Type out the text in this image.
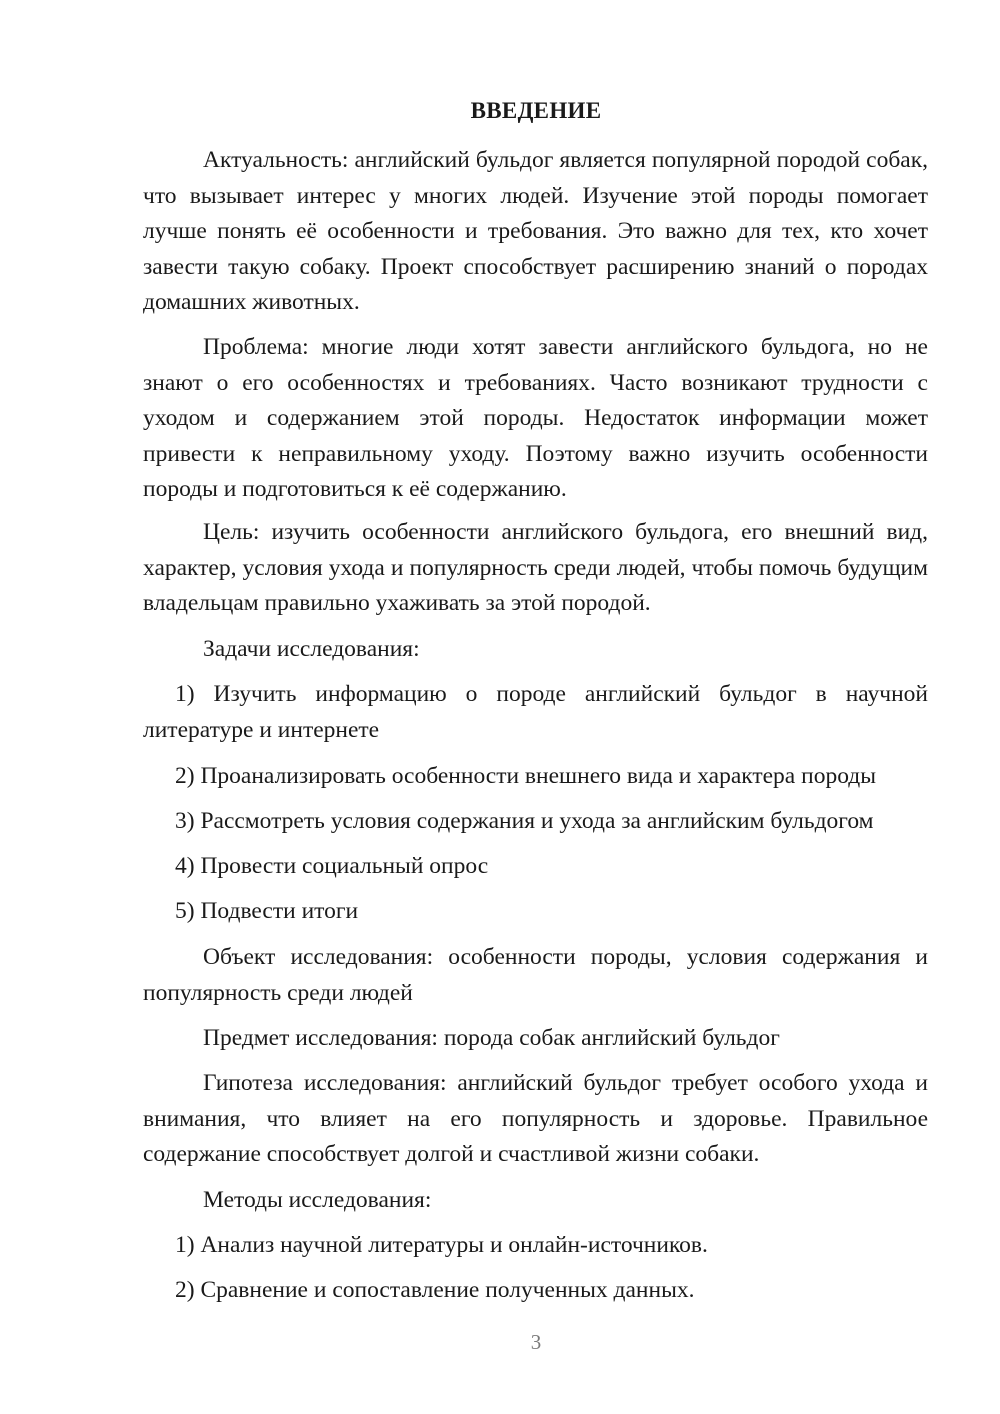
ВВЕДЕНИЕ

Актуальность: английский бульдог является популярной породой собак, что вызывает интерес у многих людей. Изучение этой породы помогает лучше понять её особенности и требования. Это важно для тех, кто хочет завести такую собаку. Проект способствует расширению знаний о породах домашних животных.

Проблема: многие люди хотят завести английского бульдога, но не знают о его особенностях и требованиях. Часто возникают трудности с уходом и содержанием этой породы. Недостаток информации может привести к неправильному уходу. Поэтому важно изучить особенности породы и подготовиться к её содержанию.

Цель: изучить особенности английского бульдога, его внешний вид, характер, условия ухода и популярность среди людей, чтобы помочь будущим владельцам правильно ухаживать за этой породой.

Задачи исследования:

1) Изучить информацию о породе английский бульдог в научной литературе и интернете

2) Проанализировать особенности внешнего вида и характера породы

3) Рассмотреть условия содержания и ухода за английским бульдогом

4) Провести социальный опрос

5) Подвести итоги

Объект исследования: особенности породы, условия содержания и популярность среди людей

Предмет исследования: порода собак английский бульдог

Гипотеза исследования: английский бульдог требует особого ухода и внимания, что влияет на его популярность и здоровье. Правильное содержание способствует долгой и счастливой жизни собаки.

Методы исследования:

1) Анализ научной литературы и онлайн-источников.

2) Сравнение и сопоставление полученных данных.

3
